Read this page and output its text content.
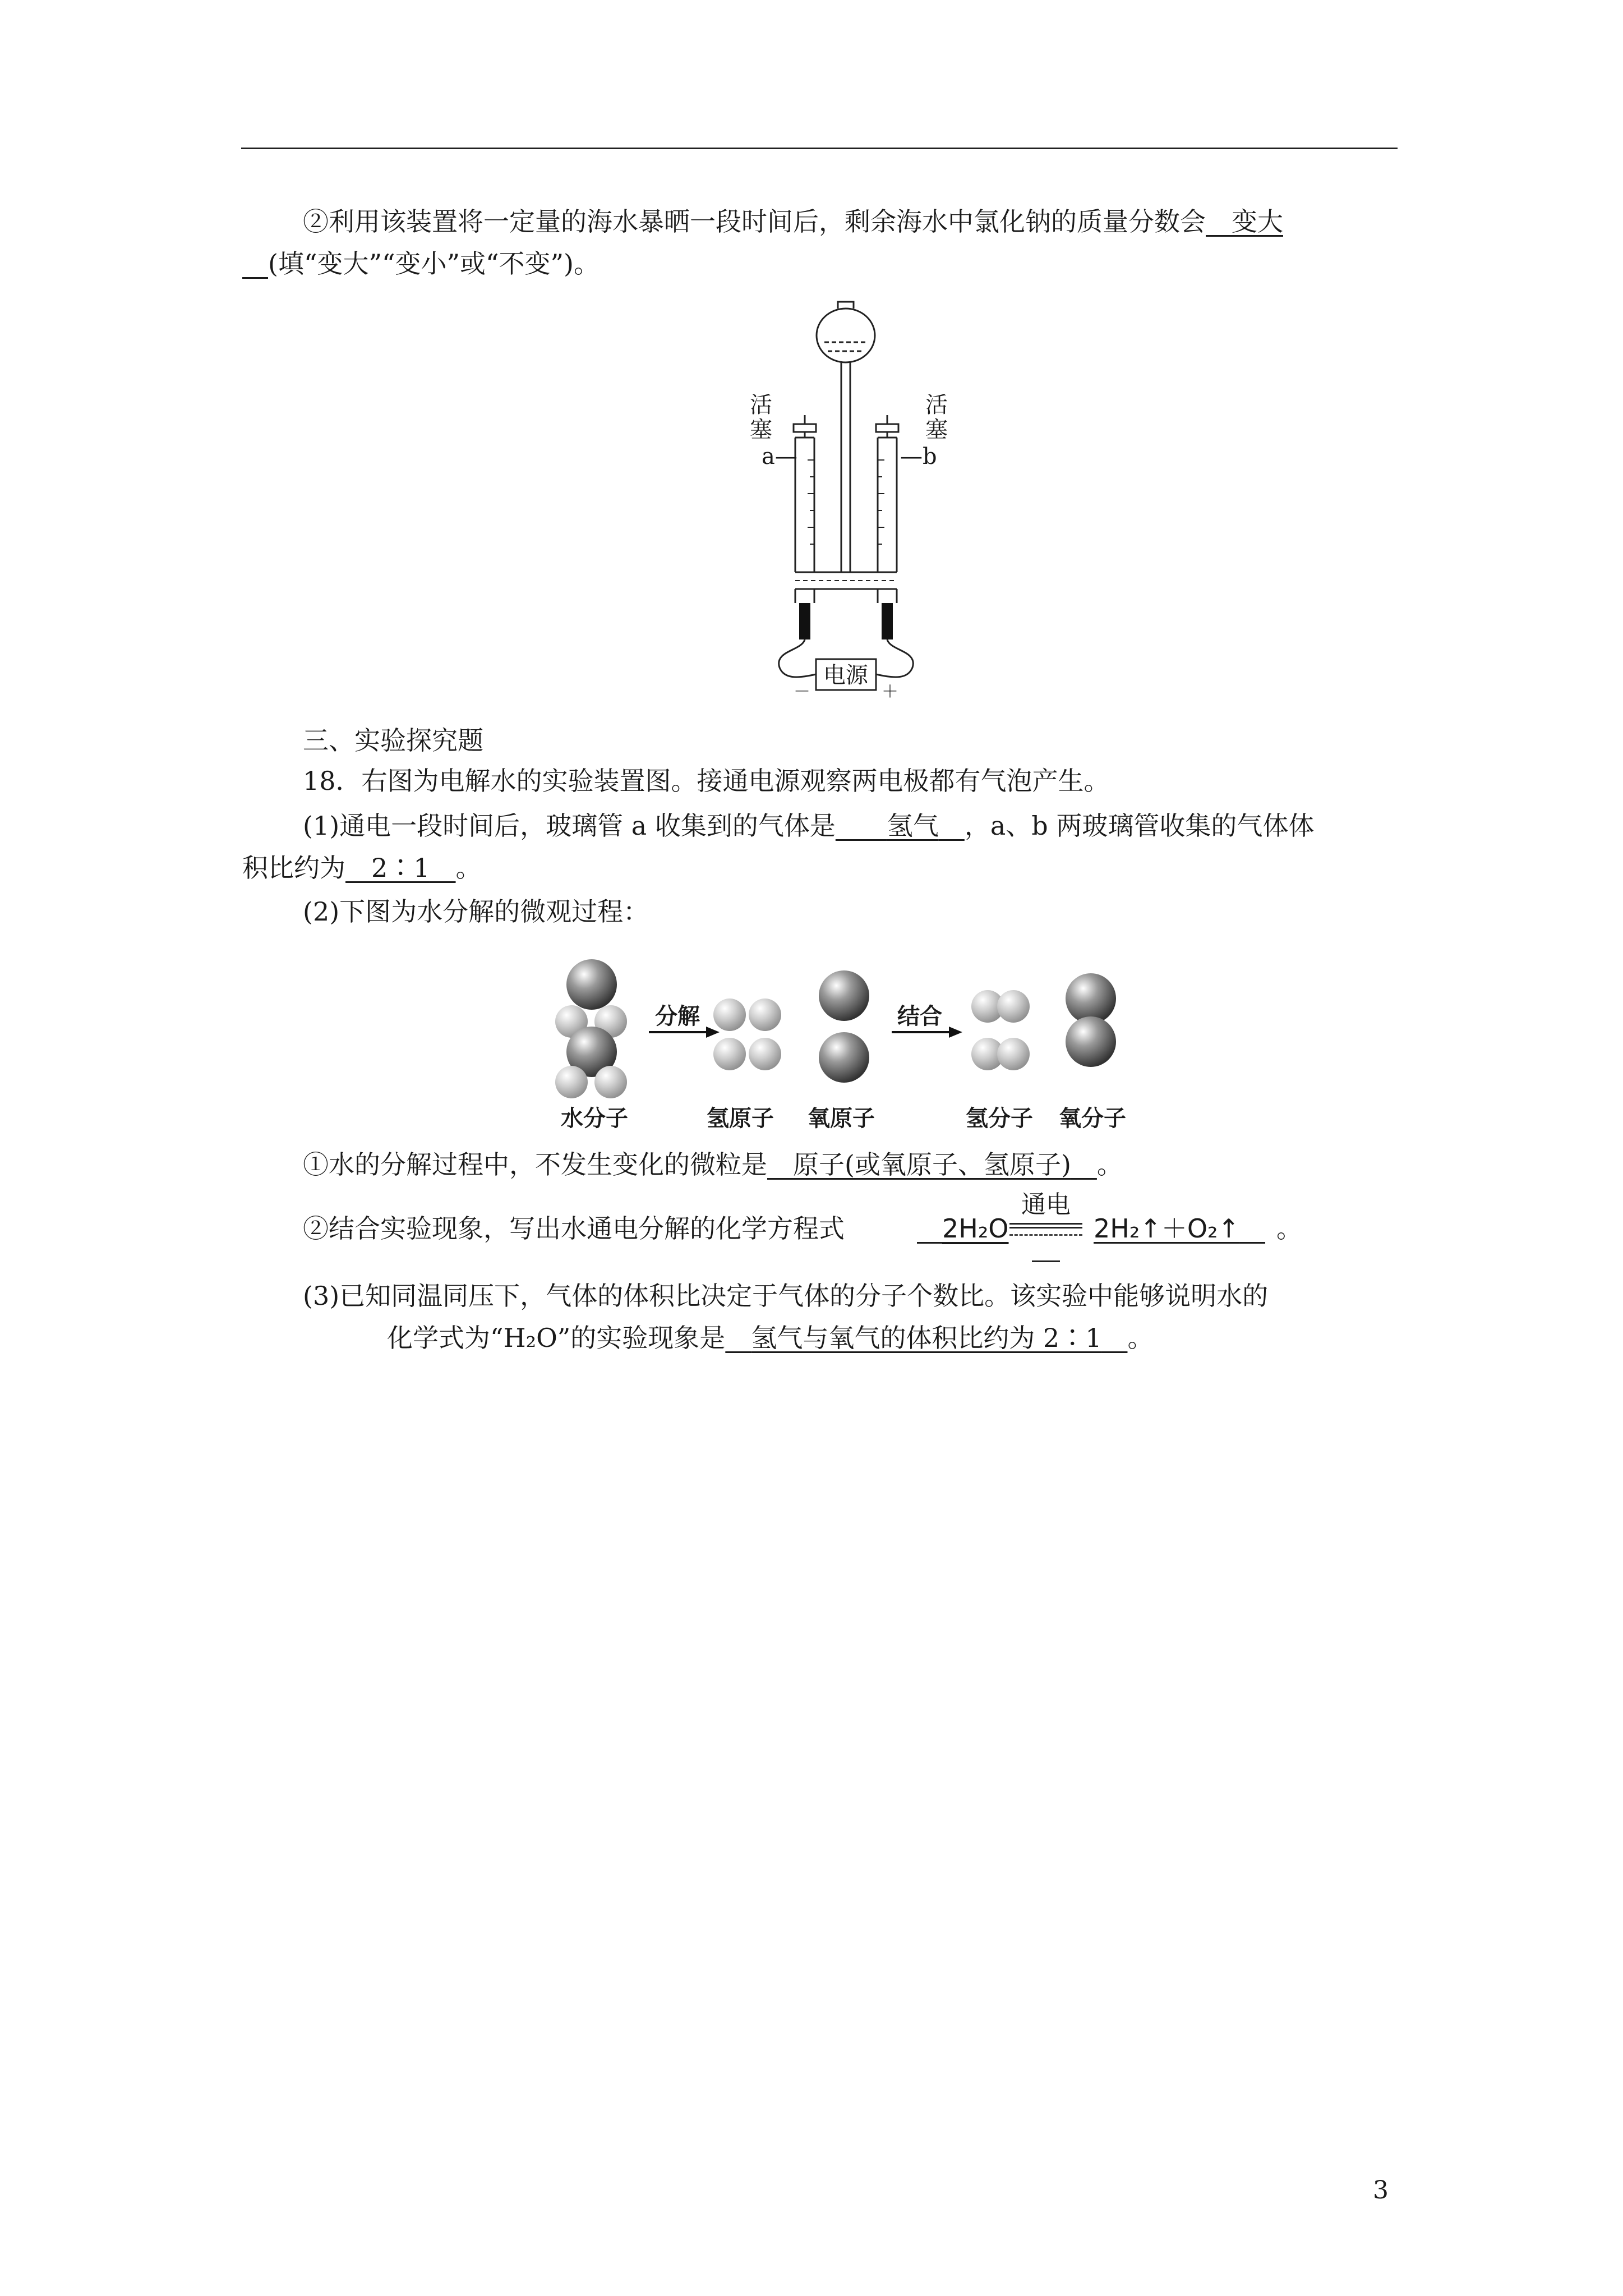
②利用该装置将一定量的海水暴晒一段时间后，剩余海水中氯化钠的质量分数会  变大
 (填“变大”“变小”或“不变”)。
活塞
活塞
a—	—b
电源
－	＋
三、实验探究题
18．右图为电解水的实验装置图。接通电源观察两电极都有气泡产生。
(1)通电一段时间后，玻璃管 a 收集到的气体是   氢气  ，a、b 两玻璃管收集的气体体
积比约为  2∶1  。
(2)下图为水分解的微观过程：
分解	结合
水分子	氢原子 氧原子	氢分子 氧分子
①水的分解过程中，不发生变化的微粒是  原子(或氧原子、氢原子)  。
②结合实验现象，写出水通电分解的化学方程式
 	2H₂O
通电
2H₂↑＋O₂↑  。
(3)已知同温同压下，气体的体积比决定于气体的分子个数比。该实验中能够说明水的
化学式为“H₂O”的实验现象是  氢气与氧气的体积比约为 2∶1  。
3
